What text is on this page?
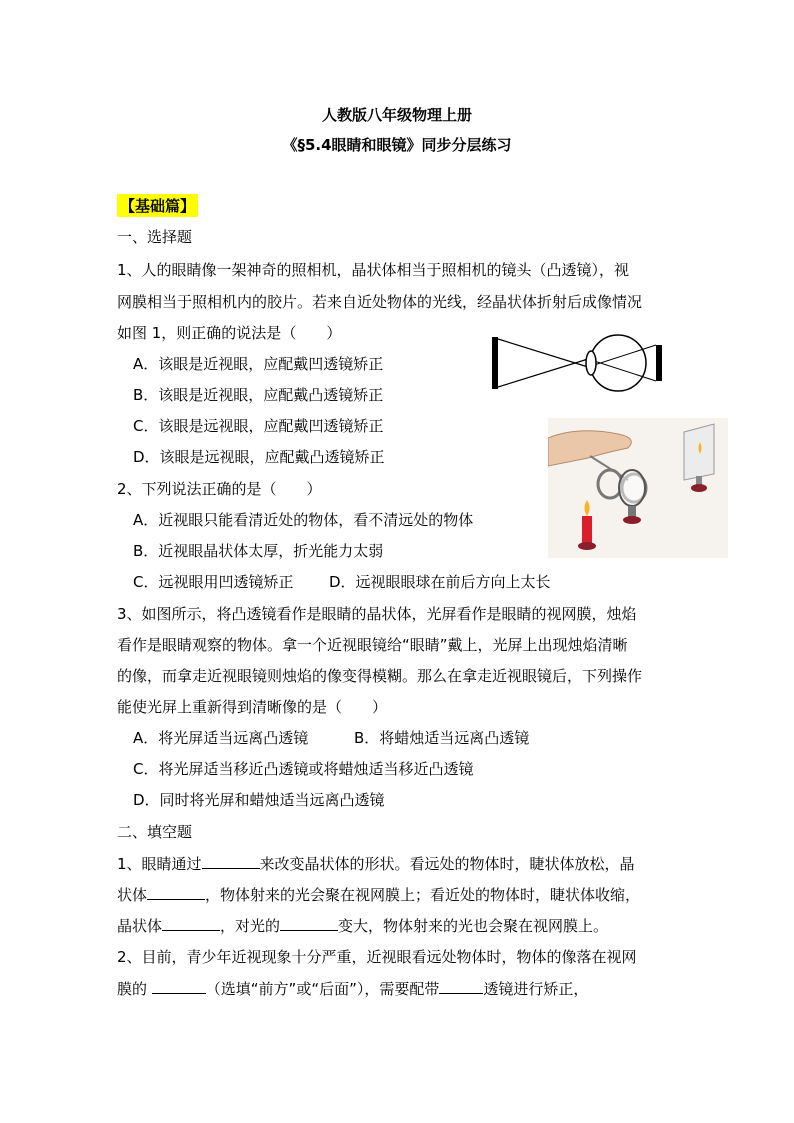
人教版八年级物理上册
《§5.4眼睛和眼镜》同步分层练习
【基础篇】
一、选择题
1、人的眼睛像一架神奇的照相机，晶状体相当于照相机的镜头（凸透镜），视
网膜相当于照相机内的胶片。若来自近处物体的光线，经晶状体折射后成像情况
如图 1，则正确的说法是（　　）
A．该眼是近视眼，应配戴凹透镜矫正
B．该眼是近视眼，应配戴凸透镜矫正
C．该眼是远视眼，应配戴凹透镜矫正
D．该眼是远视眼，应配戴凸透镜矫正
2、下列说法正确的是（　　）
A．近视眼只能看清近处的物体，看不清远处的物体
B．近视眼晶状体太厚，折光能力太弱
C．远视眼用凹透镜矫正 D．远视眼眼球在前后方向上太长
3、如图所示，将凸透镜看作是眼睛的晶状体，光屏看作是眼睛的视网膜，烛焰
看作是眼睛观察的物体。拿一个近视眼镜给“眼睛”戴上，光屏上出现烛焰清晰
的像，而拿走近视眼镜则烛焰的像变得模糊。那么在拿走近视眼镜后，下列操作
能使光屏上重新得到清晰像的是（　　）
A．将光屏适当远离凸透镜	B．将蜡烛适当远离凸透镜
C．将光屏适当移近凸透镜或将蜡烛适当移近凸透镜
D．同时将光屏和蜡烛适当远离凸透镜
二、填空题
1、眼睛通过	来改变晶状体的形状。看远处的物体时，睫状体放松，晶
状体	，物体射来的光会聚在视网膜上；看近处的物体时，睫状体收缩，
晶状体	，对光的	变大，物体射来的光也会聚在视网膜上。
2、目前，青少年近视现象十分严重，近视眼看远处物体时，物体的像落在视网
膜的	（选填“前方”或“后面”），需要配带	透镜进行矫正，
